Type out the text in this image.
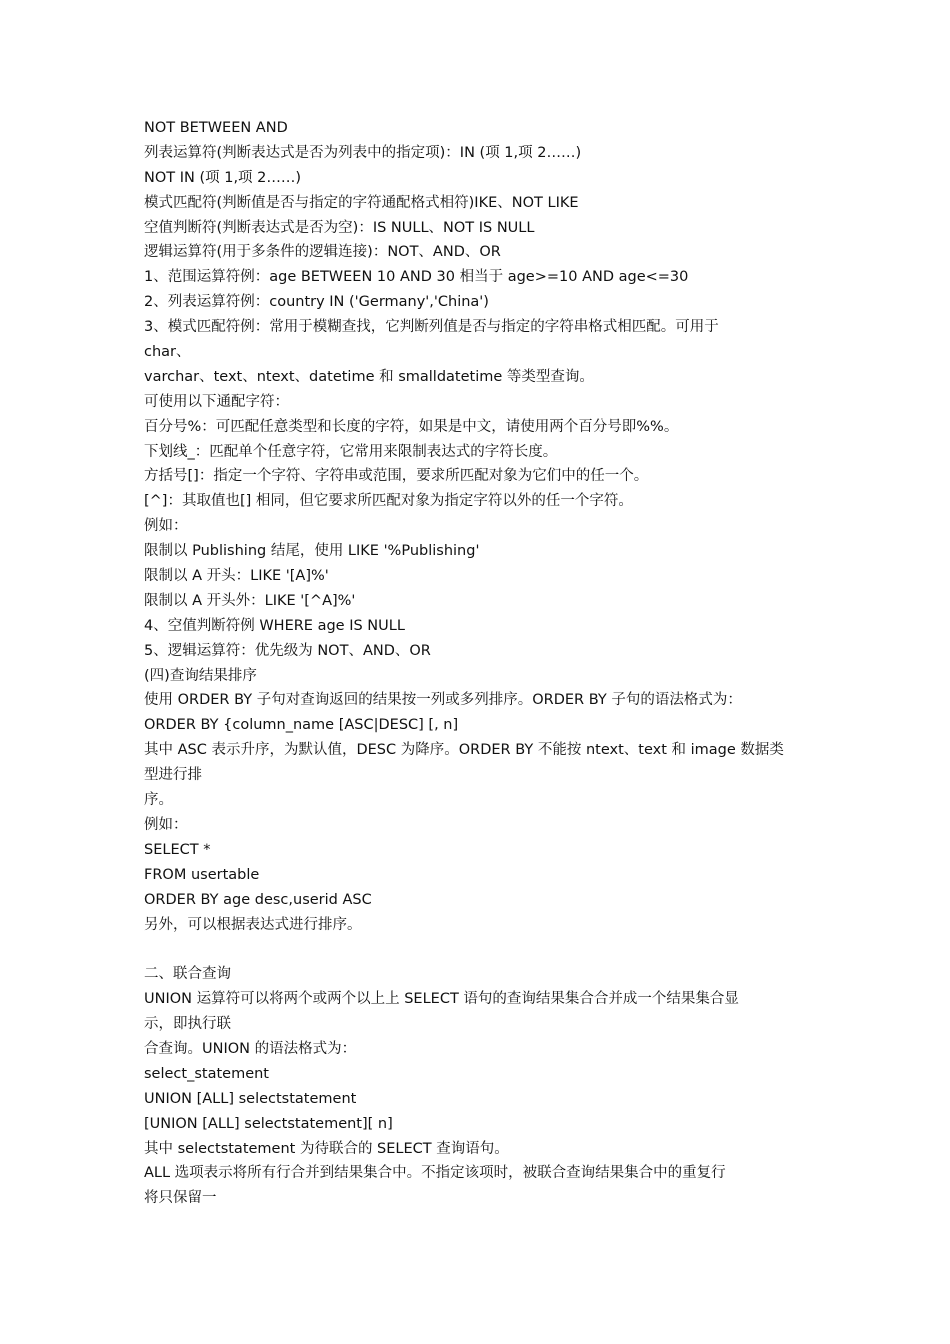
NOT BETWEEN AND
列表运算符(判断表达式是否为列表中的指定项)：IN (项 1,项 2……)
NOT IN (项 1,项 2……)
模式匹配符(判断值是否与指定的字符通配格式相符)IKE、NOT LIKE
空值判断符(判断表达式是否为空)：IS NULL、NOT IS NULL
逻辑运算符(用于多条件的逻辑连接)：NOT、AND、OR
1、范围运算符例：age BETWEEN 10 AND 30 相当于 age>=10 AND age<=30
2、列表运算符例：country IN ('Germany','China')
3、模式匹配符例：常用于模糊查找，它判断列值是否与指定的字符串格式相匹配。可用于
char、
varchar、text、ntext、datetime 和 smalldatetime 等类型查询。
可使用以下通配字符：
百分号%：可匹配任意类型和长度的字符，如果是中文，请使用两个百分号即%%。
下划线_：匹配单个任意字符，它常用来限制表达式的字符长度。
方括号[]：指定一个字符、字符串或范围，要求所匹配对象为它们中的任一个。
[^]：其取值也[] 相同，但它要求所匹配对象为指定字符以外的任一个字符。
例如：
限制以 Publishing 结尾，使用 LIKE '%Publishing'
限制以 A 开头：LIKE '[A]%'
限制以 A 开头外：LIKE '[^A]%'
4、空值判断符例 WHERE age IS NULL
5、逻辑运算符：优先级为 NOT、AND、OR
(四)查询结果排序
使用 ORDER BY 子句对查询返回的结果按一列或多列排序。ORDER BY 子句的语法格式为：
ORDER BY {column_name [ASC|DESC] [, n]
其中 ASC 表示升序，为默认值，DESC 为降序。ORDER BY 不能按 ntext、text 和 image 数据类
型进行排
序。
例如：
SELECT *
FROM usertable
ORDER BY age desc,userid ASC
另外，可以根据表达式进行排序。
二、联合查询
UNION 运算符可以将两个或两个以上上 SELECT 语句的查询结果集合合并成一个结果集合显
示，即执行联
合查询。UNION 的语法格式为：
select_statement
UNION [ALL] selectstatement
[UNION [ALL] selectstatement][ n]
其中 selectstatement 为待联合的 SELECT 查询语句。
ALL 选项表示将所有行合并到结果集合中。不指定该项时，被联合查询结果集合中的重复行
将只保留一
